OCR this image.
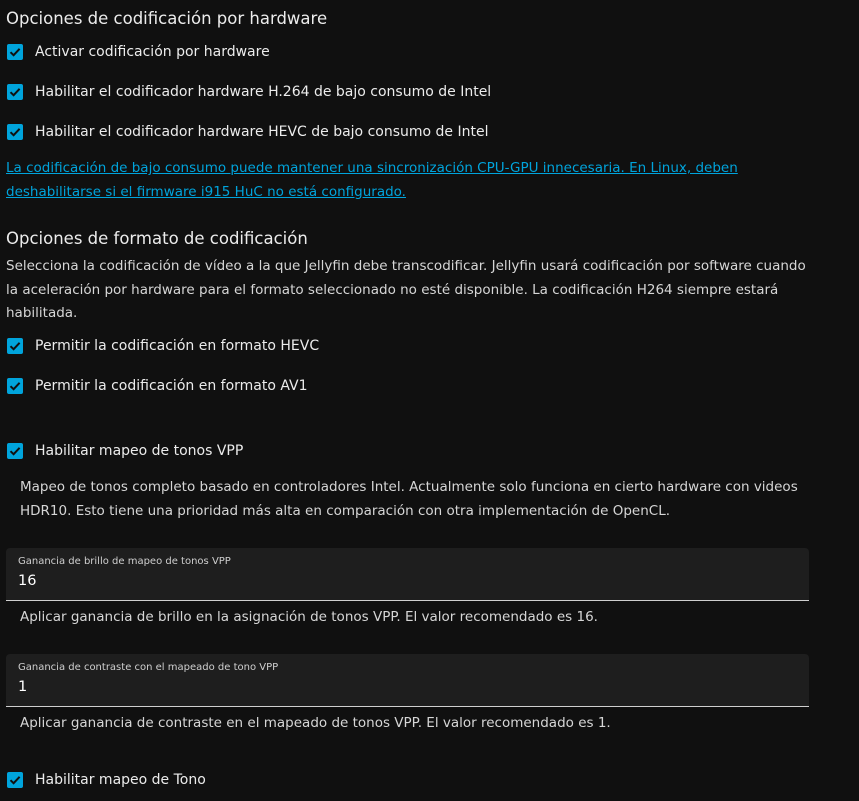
Opciones de codificación por hardware
Activar codificación por hardware
Habilitar el codificador hardware H.264 de bajo consumo de Intel
Habilitar el codificador hardware HEVC de bajo consumo de Intel
La codificación de bajo consumo puede mantener una sincronización CPU-GPU innecesaria. En Linux, deben deshabilitarse si el firmware i915 HuC no está configurado.
Opciones de formato de codificación
Selecciona la codificación de vídeo a la que Jellyfin debe transcodificar. Jellyfin usará codificación por software cuando la aceleración por hardware para el formato seleccionado no esté disponible. La codificación H264 siempre estará habilitada.
Permitir la codificación en formato HEVC
Permitir la codificación en formato AV1
Habilitar mapeo de tonos VPP
Mapeo de tonos completo basado en controladores Intel. Actualmente solo funciona en cierto hardware con videos HDR10. Esto tiene una prioridad más alta en comparación con otra implementación de OpenCL.
Ganancia de brillo de mapeo de tonos VPP
16
Aplicar ganancia de brillo en la asignación de tonos VPP. El valor recomendado es 16.
Ganancia de contraste con el mapeado de tono VPP
1
Aplicar ganancia de contraste en el mapeado de tonos VPP. El valor recomendado es 1.
Habilitar mapeo de Tono
